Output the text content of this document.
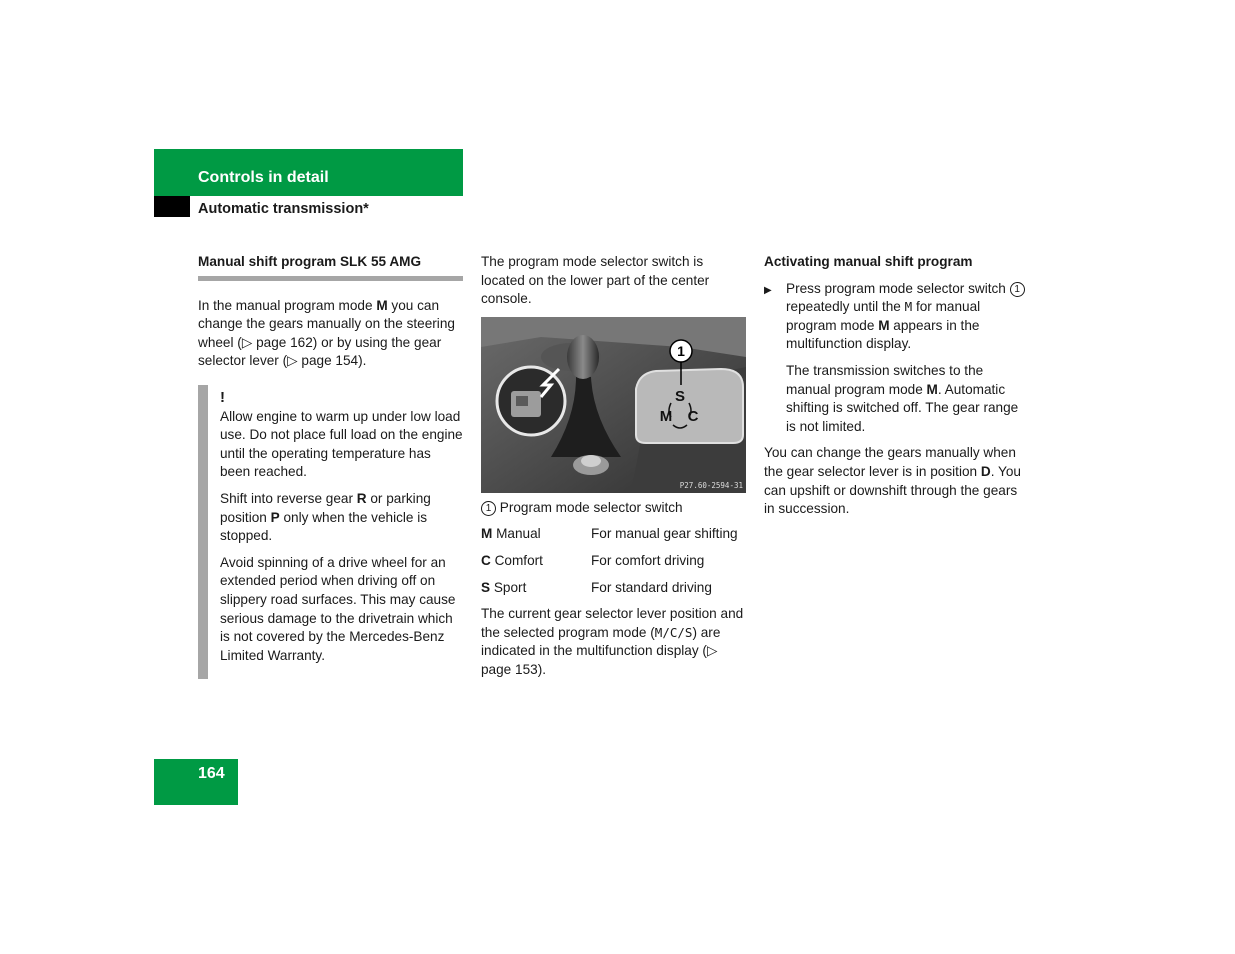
Controls in detail
Automatic transmission*
Manual shift program SLK 55 AMG

In the manual program mode M you can change the gears manually on the steering wheel (▷ page 162) or by using the gear selector lever (▷ page 154).

!

Allow engine to warm up under low load use. Do not place full load on the engine until the operating temperature has been reached.

Shift into reverse gear R or parking position P only when the vehicle is stopped.

Avoid spinning of a drive wheel for an extended period when driving off on slippery road surfaces. This may cause serious damage to the drivetrain which is not covered by the Mercedes-Benz Limited Warranty.

The program mode selector switch is located on the lower part of the center console.

1
S
M C
P27.60-2594-31

1 Program mode selector switch

M Manual	For manual gear shifting
C Comfort	For comfort driving
S Sport	For standard driving

The current gear selector lever position and the selected program mode (M/C/S) are indicated in the multifunction display (▷ page 153).

Activating manual shift program
▶ Press program mode selector switch 1 repeatedly until the M for manual program mode M appears in the multifunction display.

The transmission switches to the manual program mode M. Automatic shifting is switched off. The gear range is not limited.

You can change the gears manually when the gear selector lever is in position D. You can upshift or downshift through the gears in succession.

164
